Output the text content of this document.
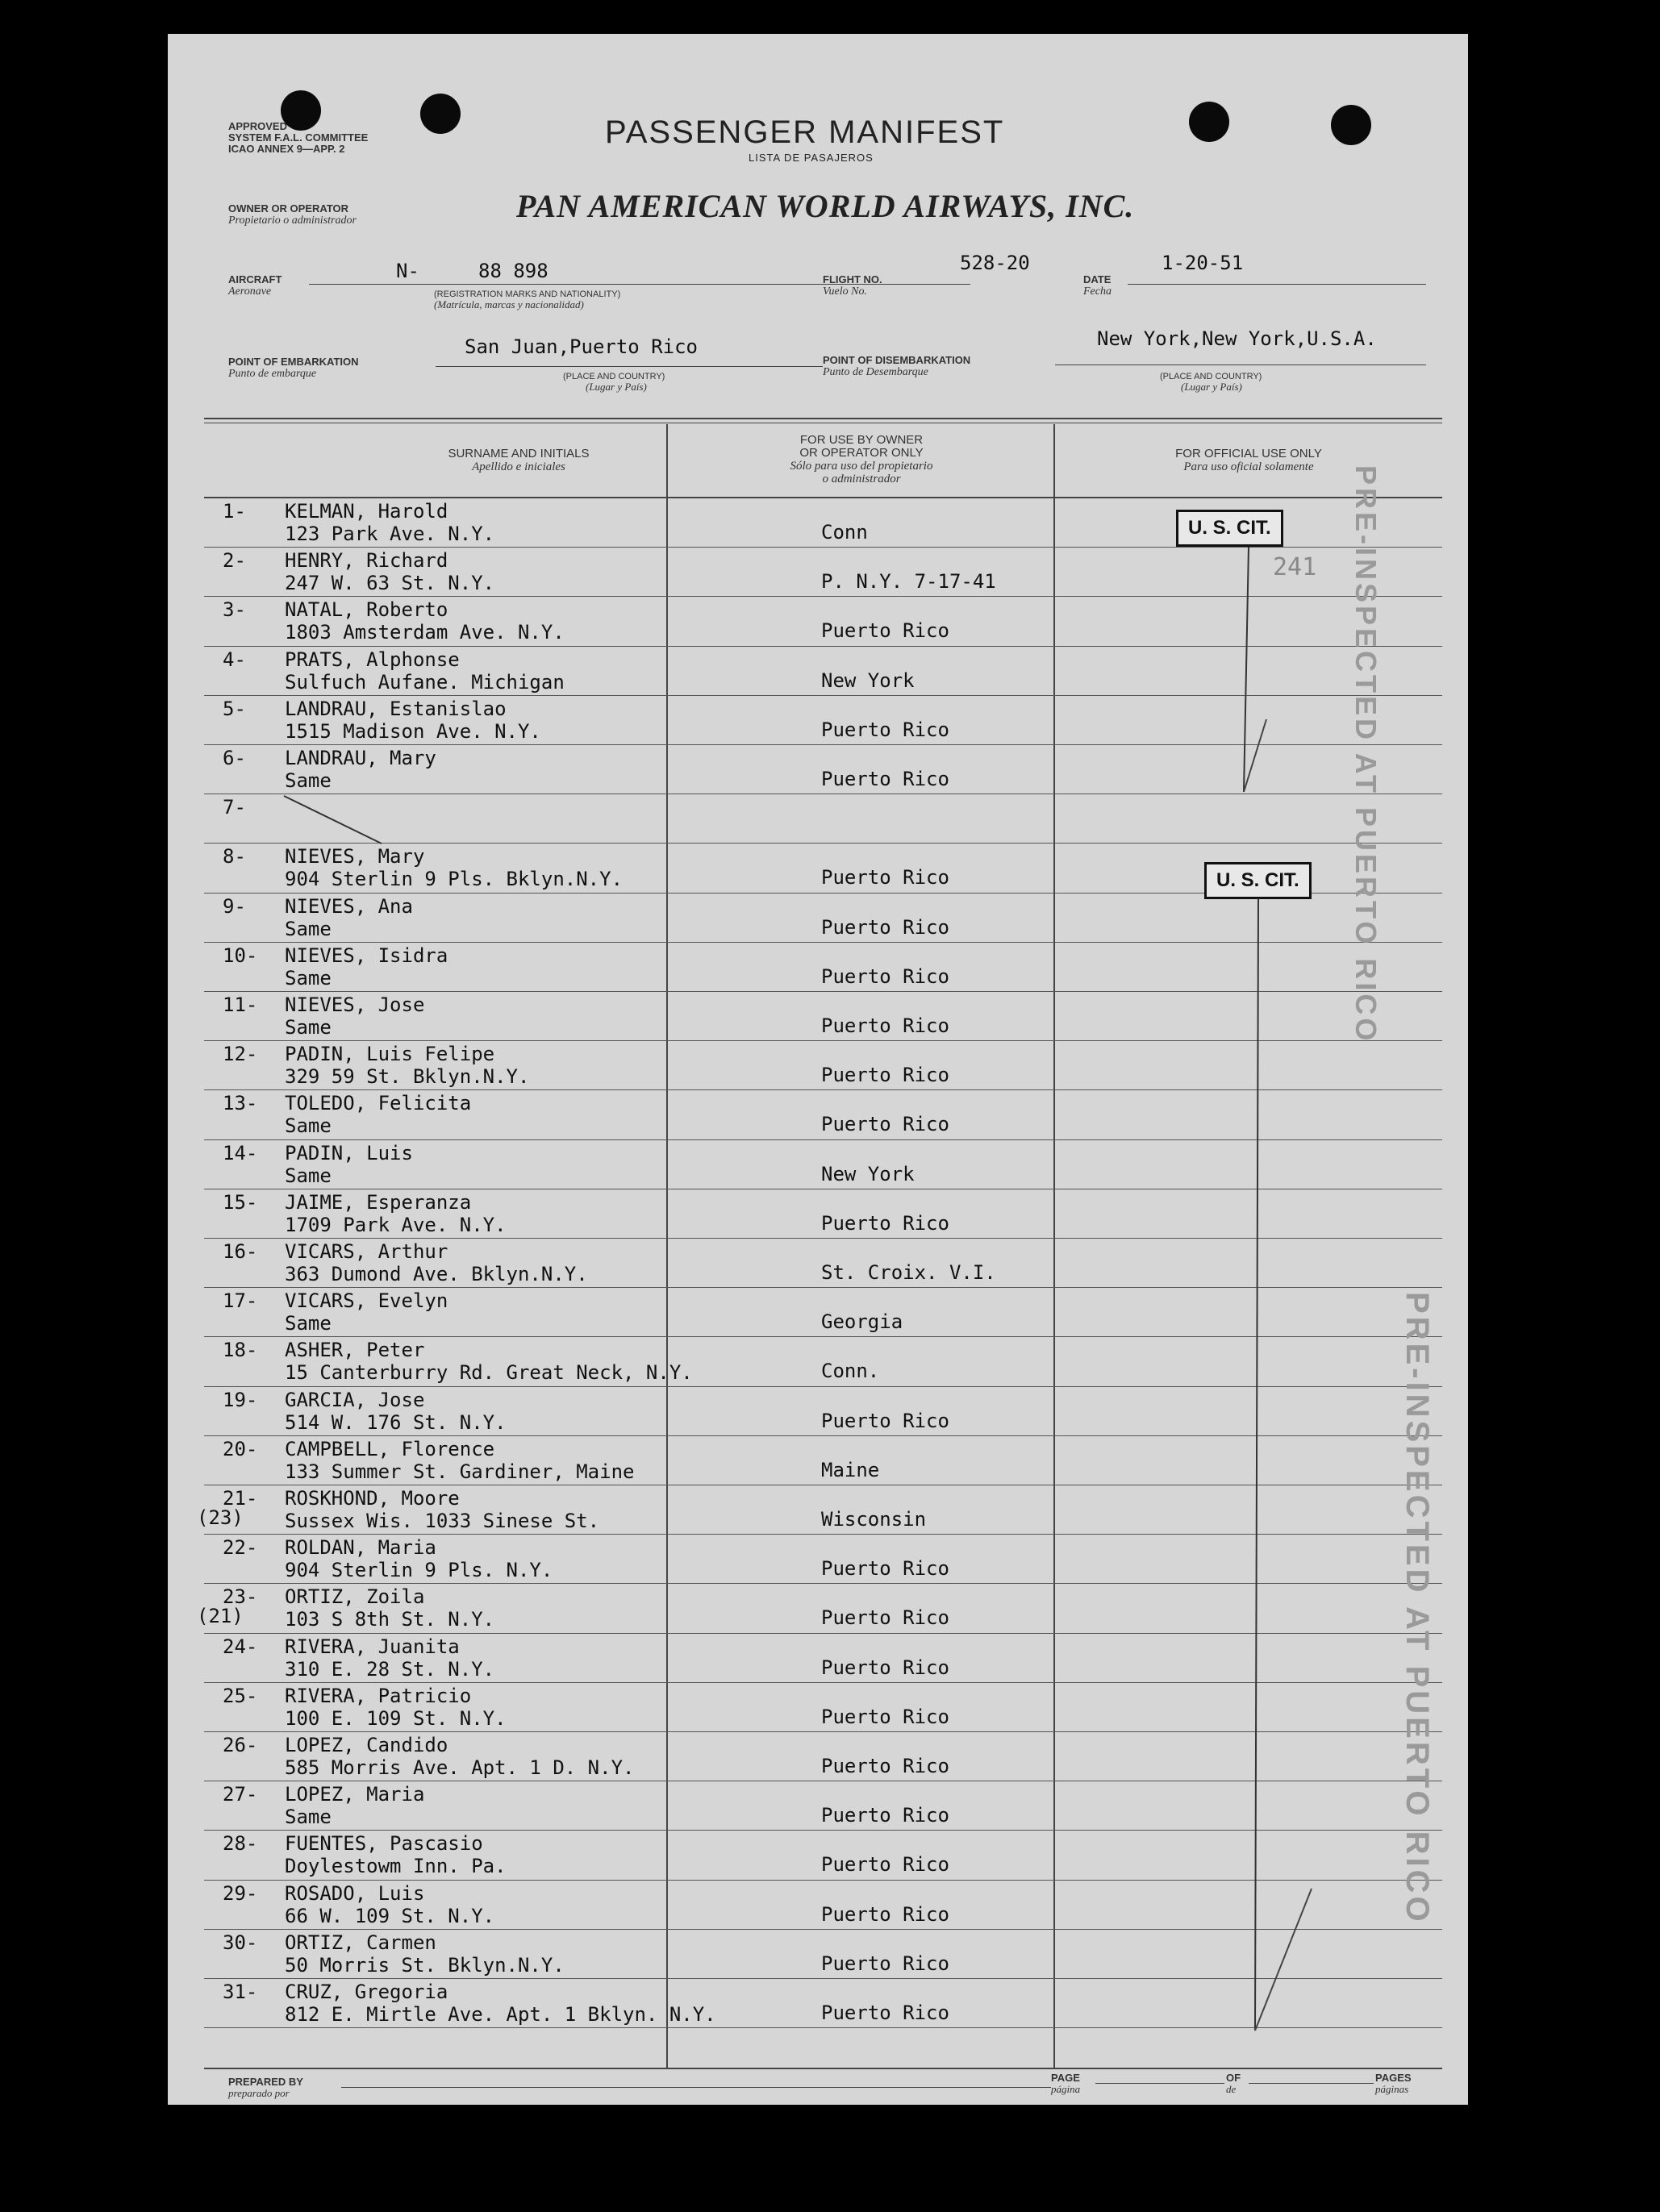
APPROVED
SYSTEM F.A.L. COMMITTEE
ICAO ANNEX 9—APP. 2	PASSENGER MANIFEST
LISTA DE PASAJEROS
OWNER OR OPERATOR
Propietario o administrador	PAN AMERICAN WORLD AIRWAYS, INC.
AIRCRAFT
Aeronave
N-	88 898
(REGISTRATION MARKS AND NATIONALITY)
(Matrícula, marcas y nacionalidad)
FLIGHT NO.
Vuelo No.
528-20
DATE
Fecha
1-20-51
POINT OF EMBARKATION
Punto de embarque
San Juan,Puerto Rico
(PLACE AND COUNTRY)
(Lugar y País)
POINT OF DISEMBARKATION
Punto de Desembarque
New York,New York,U.S.A.
(PLACE AND COUNTRY)
(Lugar y País)
SURNAME AND INITIALS
Apellido e iniciales
FOR USE BY OWNER
OR OPERATOR ONLY
Sólo para uso del propietario
o administrador
FOR OFFICIAL USE ONLY
Para uso oficial solamente
1- KELMAN, Harold
123 Park Ave. N.Y.	Conn
2- HENRY, Richard
247 W. 63 St. N.Y.	P. N.Y. 7-17-41
3- NATAL, Roberto
1803 Amsterdam Ave. N.Y.	Puerto Rico
4- PRATS, Alphonse
Sulfuch Aufane. Michigan	New York
5- LANDRAU, Estanislao
1515 Madison Ave. N.Y.	Puerto Rico
6- LANDRAU, Mary
Same	Puerto Rico
7-
8- NIEVES, Mary
904 Sterlin 9 Pls. Bklyn.N.Y.	Puerto Rico
9- NIEVES, Ana
Same	Puerto Rico
10- NIEVES, Isidra
Same	Puerto Rico
11- NIEVES, Jose
Same	Puerto Rico
12- PADIN, Luis Felipe
329 59 St. Bklyn.N.Y.	Puerto Rico
13- TOLEDO, Felicita
Same	Puerto Rico
14- PADIN, Luis
Same	New York
15- JAIME, Esperanza
1709 Park Ave. N.Y.	Puerto Rico
16- VICARS, Arthur
363 Dumond Ave. Bklyn.N.Y.	St. Croix. V.I.
17- VICARS, Evelyn
Same	Georgia
18- ASHER, Peter
15 Canterburry Rd. Great Neck, N.Y.	Conn.
19- GARCIA, Jose
514 W. 176 St. N.Y.	Puerto Rico
20- CAMPBELL, Florence
133 Summer St. Gardiner, Maine	Maine
21-
(23)
ROSKHOND, Moore
Sussex Wis. 1033 Sinese St.	Wisconsin
22- ROLDAN, Maria
904 Sterlin 9 Pls. N.Y.	Puerto Rico
23-
(21)
ORTIZ, Zoila
103 S 8th St. N.Y.	Puerto Rico
24- RIVERA, Juanita
310 E. 28 St. N.Y.	Puerto Rico
25- RIVERA, Patricio
100 E. 109 St. N.Y.	Puerto Rico
26- LOPEZ, Candido
585 Morris Ave. Apt. 1 D. N.Y.	Puerto Rico
27- LOPEZ, Maria
Same	Puerto Rico
28- FUENTES, Pascasio
Doylestowm Inn. Pa.	Puerto Rico
29- ROSADO, Luis
66 W. 109 St. N.Y.	Puerto Rico
30- ORTIZ, Carmen
50 Morris St. Bklyn.N.Y.	Puerto Rico
31- CRUZ, Gregoria
812 E. Mirtle Ave. Apt. 1 Bklyn. N.Y.	Puerto Rico
U. S. CIT.
241
U. S. CIT.	PRE-INSPECTED AT PUERTO RICO
PRE-INSPECTED AT PUERTO RICO
PREPARED BY
preparado por
PAGE
página
OF
de
PAGES
páginas
